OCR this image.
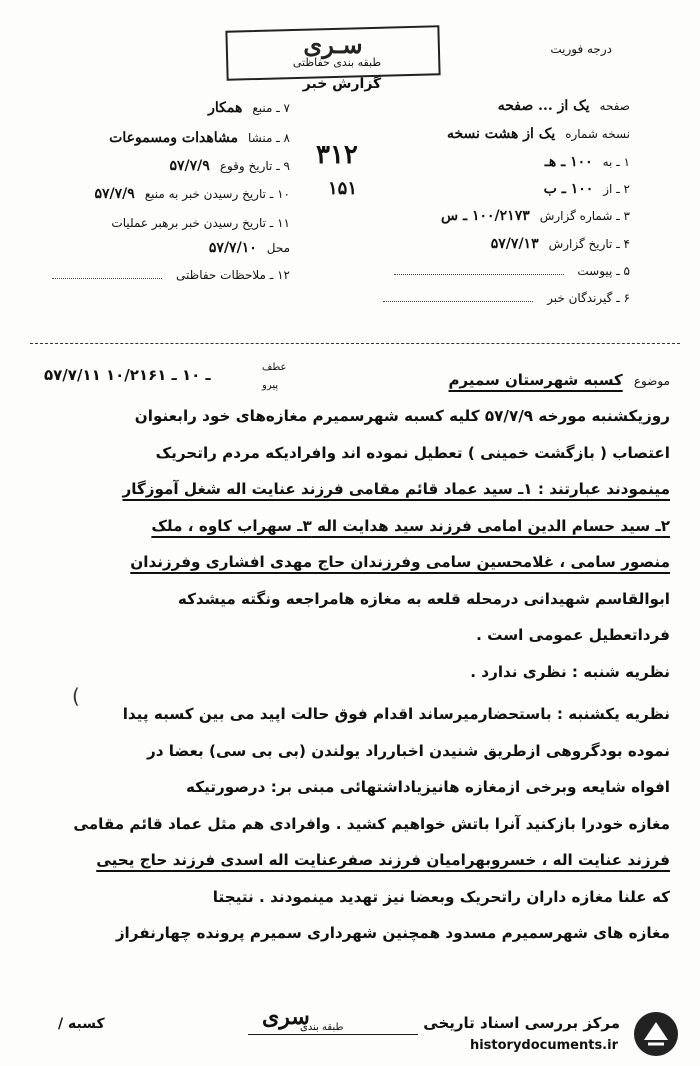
سـرى
طبقه بندی حفاظتی
گزارش خبر
درجه فوریت
صفحهیک از ... صفحه
نسخه شمارهیک از هشت نسخه
۱ ـ به۱۰۰ ـ هـ
۲ ـ از۱۰۰ ـ ب
۳ ـ شماره گزارش۱۰۰/۲۱۷۳ ـ س
۴ ـ تاریخ گزارش۵۷/۷/۱۳
۵ ـ پیوست
۶ ـ گیرندگان خبر
۷ ـ منبعهمکار
۸ ـ منشامشاهدات ومسموعات
۹ ـ تاریخ وقوع۵۷/۷/۹
۱۰ ـ تاریخ رسیدن خبر به منبع۵۷/۷/۹
۱۱ ـ تاریخ رسیدن خبر برهبر عملیات
محل۵۷/۷/۱۰
۱۲ ـ ملاحظات حفاظتی
۳۱۲
۱۵۱
موضوع کسبه شهرستان سمیرم
عطف
پیرو
۵۷/۷/۱۱ ـ ۱۰ ـ ۱۰/۲۱۶۱
روزیکشنبه مورخه ۵۷/۷/۹ کلیه کسبه شهرسمیرم مغازه‌های خود رابعنوان
اعتصاب ( بازگشت خمینی ) تعطیل نموده اند وافرادیکه مردم راتحریک
مینمودند عبارتند : ۱ـ سید عماد قائم مقامی فرزند عنایت اله شغل آموزگار
۲ـ سید حسام الدین امامی فرزند سید هدایت اله ۳ـ سهراب کاوه ، ملک
منصور سامی ، غلامحسین سامی وفرزندان حاج مهدی افشاری وفرزندان
ابوالقاسم شهیدانی درمحله قلعه به مغازه هامراجعه ونگته میشدکه
فرداتعطیل عمومی است .
نظریه شنبه : نظری ندارد .
نظریه یکشنبه : باستحضارمیرساند اقدام فوق حالت اپید می بین کسبه پیدا
نموده بودگروهی ازطریق شنیدن اخبارراد یولندن (بی بی سی) بعضا در
افواه شایعه وبرخی ازمغازه هانیزیاداشتهائی مبنی بر: درصورتیکه
مغازه خودرا بازکنید آنرا باتش خواهیم کشید . وافرادی هم مثل عماد قائم مقامی
فرزند عنایت اله ، خسروبهرامیان فرزند صفرعنایت اله اسدی فرزند حاج یحیی
که علنا مغازه داران راتحریک وبعضا نیز تهدید مینمودند . نتیجتا
مغازه های شهرسمیرم مسدود همچنین شهرداری سمیرم پرونده چهارنفراز
(
سری
طبقه بندی
کسبه /	مرکز بررسی اسناد تاریخی
historydocuments.ir
